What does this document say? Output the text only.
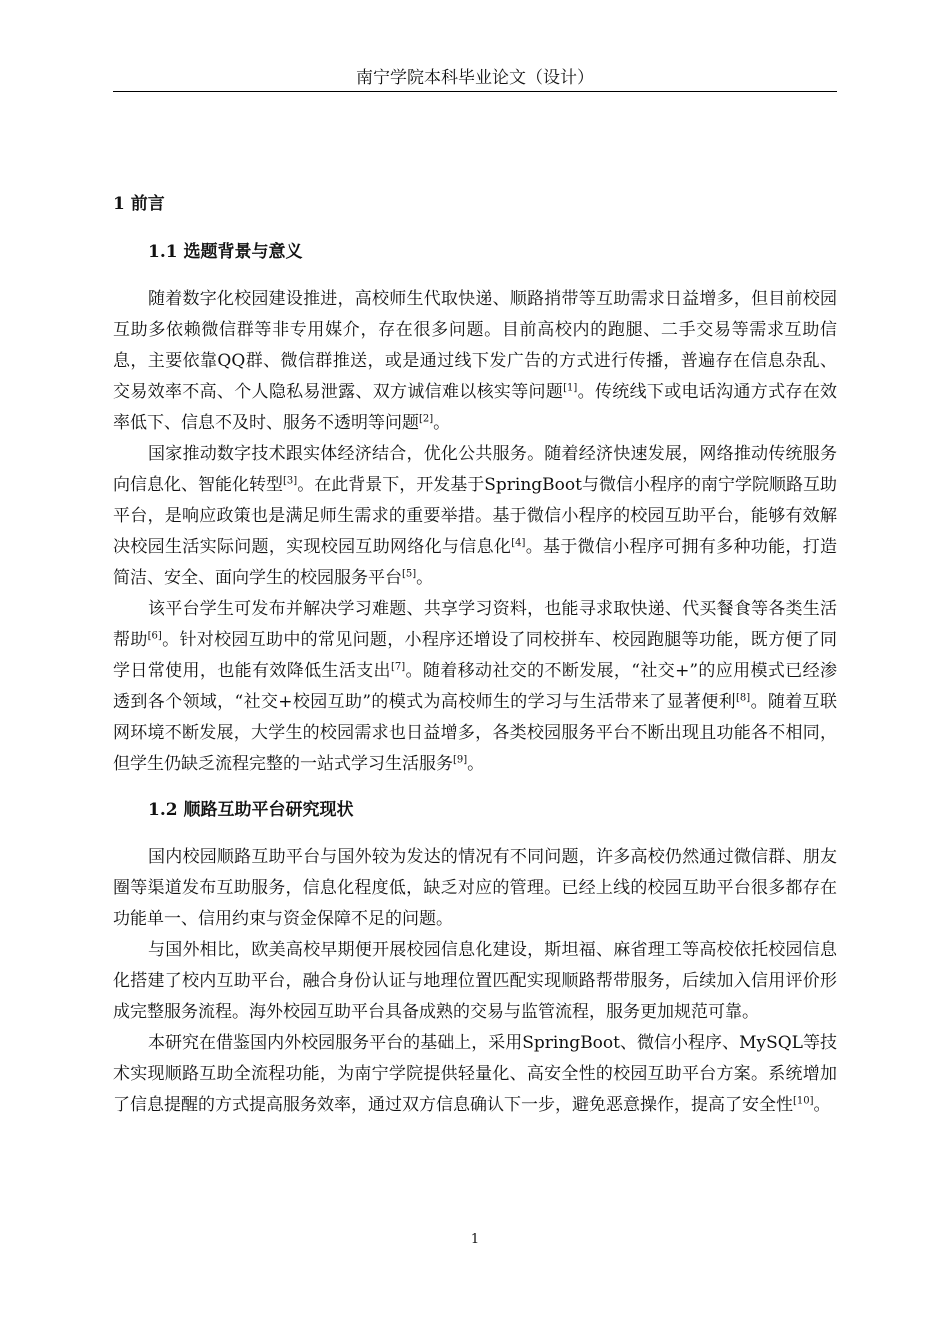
南宁学院本科毕业论文（设计）
1 前言
1.1 选题背景与意义

随着数字化校园建设推进，高校师生代取快递、顺路捎带等互助需求日益增多，但目前校园互助多依赖微信群等非专用媒介，存在很多问题。目前高校内的跑腿、二手交易等需求互助信息，主要依靠QQ群、微信群推送，或是通过线下发广告的方式进行传播，普遍存在信息杂乱、交易效率不高、个人隐私易泄露、双方诚信难以核实等问题[1]。传统线下或电话沟通方式存在效率低下、信息不及时、服务不透明等问题[2]。

国家推动数字技术跟实体经济结合，优化公共服务。随着经济快速发展，网络推动传统服务向信息化、智能化转型[3]。在此背景下，开发基于SpringBoot与微信小程序的南宁学院顺路互助平台，是响应政策也是满足师生需求的重要举措。基于微信小程序的校园互助平台，能够有效解决校园生活实际问题，实现校园互助网络化与信息化[4]。基于微信小程序可拥有多种功能，打造简洁、安全、面向学生的校园服务平台[5]。

该平台学生可发布并解决学习难题、共享学习资料，也能寻求取快递、代买餐食等各类生活帮助[6]。针对校园互助中的常见问题，小程序还增设了同校拼车、校园跑腿等功能，既方便了同学日常使用，也能有效降低生活支出[7]。随着移动社交的不断发展，“社交+”的应用模式已经渗透到各个领域，“社交+校园互助”的模式为高校师生的学习与生活带来了显著便利[8]。随着互联网环境不断发展，大学生的校园需求也日益增多，各类校园服务平台不断出现且功能各不相同，但学生仍缺乏流程完整的一站式学习生活服务[9]。

1.2 顺路互助平台研究现状

国内校园顺路互助平台与国外较为发达的情况有不同问题，许多高校仍然通过微信群、朋友圈等渠道发布互助服务，信息化程度低，缺乏对应的管理。已经上线的校园互助平台很多都存在功能单一、信用约束与资金保障不足的问题。

与国外相比，欧美高校早期便开展校园信息化建设，斯坦福、麻省理工等高校依托校园信息化搭建了校内互助平台，融合身份认证与地理位置匹配实现顺路帮带服务，后续加入信用评价形成完整服务流程。海外校园互助平台具备成熟的交易与监管流程，服务更加规范可靠。

本研究在借鉴国内外校园服务平台的基础上，采用SpringBoot、微信小程序、MySQL等技术实现顺路互助全流程功能，为南宁学院提供轻量化、高安全性的校园互助平台方案。系统增加了信息提醒的方式提高服务效率，通过双方信息确认下一步，避免恶意操作，提高了安全性[10]。

1
